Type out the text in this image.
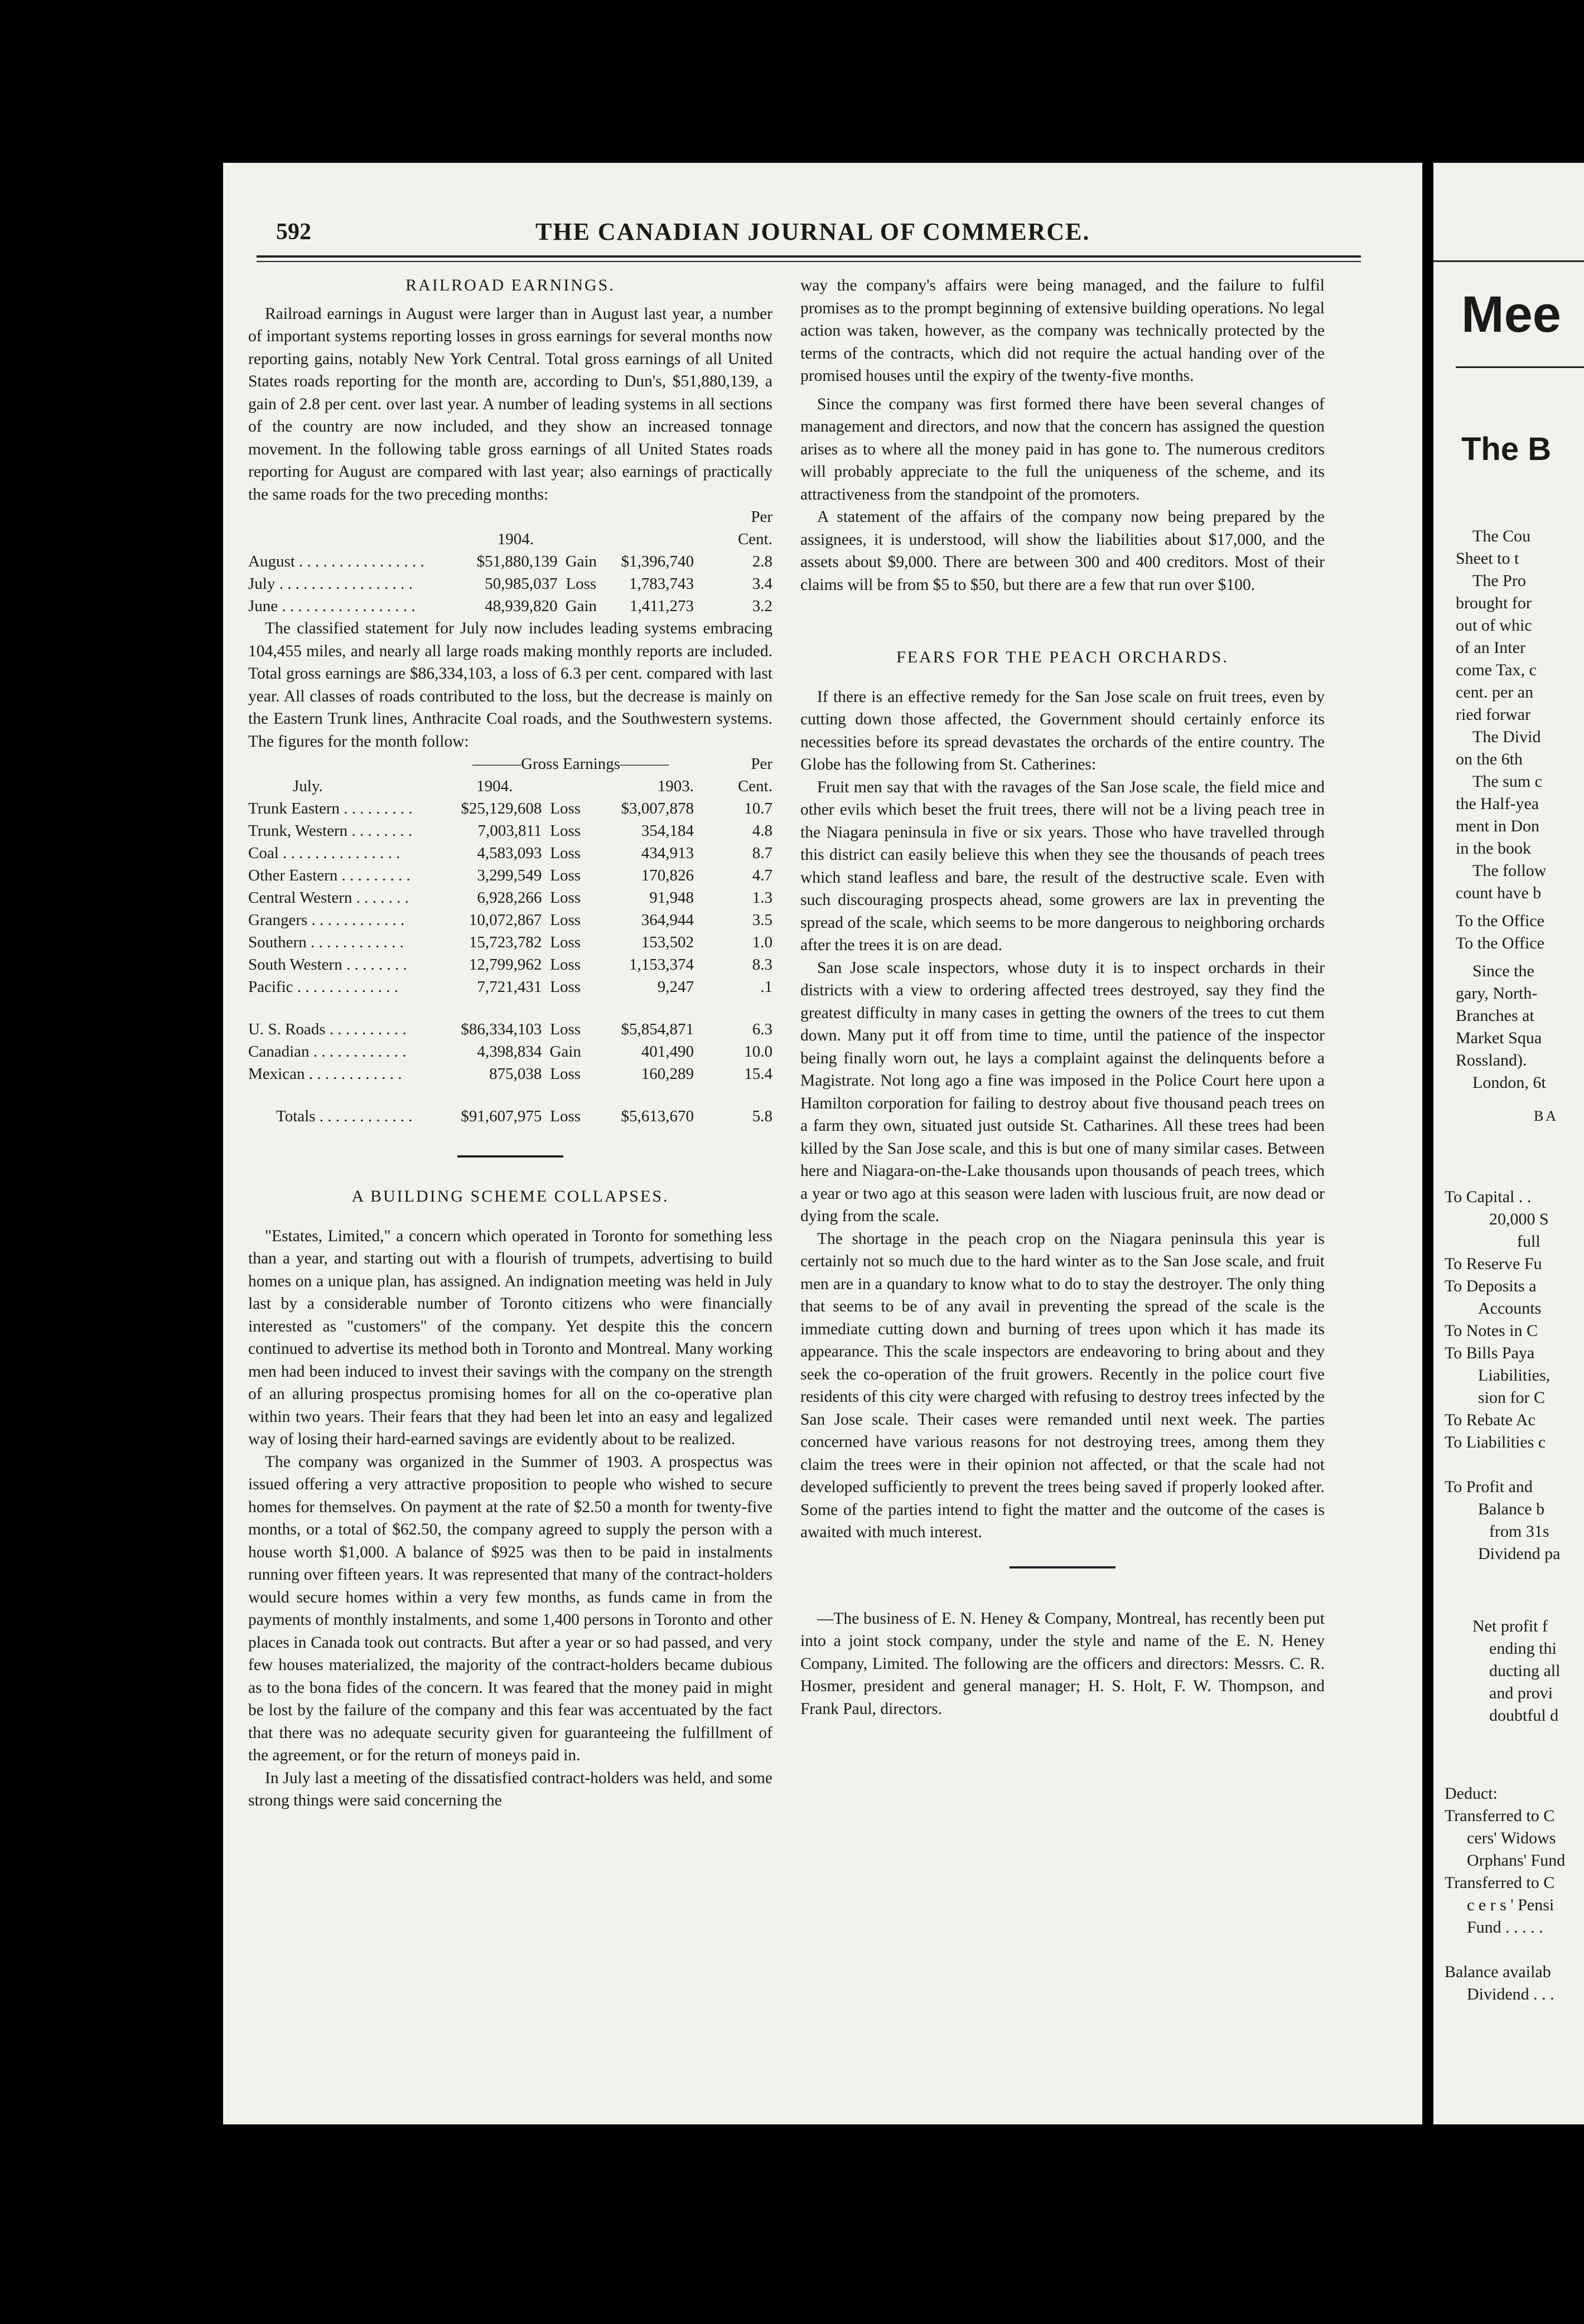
592	THE CANADIAN JOURNAL OF COMMERCE.
RAILROAD EARNINGS.

Railroad earnings in August were larger than in August last year, a number of important systems reporting losses in gross earnings for several months now reporting gains, notably New York Central. Total gross earnings of all United States roads reporting for the month are, according to Dun's, $51,880,139, a gain of 2.8 per cent. over last year. A number of leading systems in all sections of the country are now included, and they show an increased tonnage movement. In the following table gross earnings of all United States roads reporting for August are compared with last year; also earnings of practically the same roads for the two preceding months:

				Per
	1904.			Cent.
August . . . . . . . . . . . . . . . .	$51,880,139	Gain	$1,396,740	2.8
July . . . . . . . . . . . . . . . . .	50,985,037	Loss	1,783,743	3.4
June . . . . . . . . . . . . . . . . .	48,939,820	Gain	1,411,273	3.2

The classified statement for July now includes leading systems embracing 104,455 miles, and nearly all large roads making monthly reports are included. Total gross earnings are $86,334,103, a loss of 6.3 per cent. compared with last year. All classes of roads contributed to the loss, but the decrease is mainly on the Eastern Trunk lines, Anthracite Coal roads, and the Southwestern systems. The figures for the month follow:

	———Gross Earnings———			Per
July.	1904.		1903.	Cent.
Trunk Eastern . . . . . . . . .	$25,129,608	Loss	$3,007,878	10.7
Trunk, Western . . . . . . . .	7,003,811	Loss	354,184	4.8
Coal . . . . . . . . . . . . . . .	4,583,093	Loss	434,913	8.7
Other Eastern . . . . . . . . .	3,299,549	Loss	170,826	4.7
Central Western . . . . . . .	6,928,266	Loss	91,948	1.3
Grangers . . . . . . . . . . . .	10,072,867	Loss	364,944	3.5
Southern . . . . . . . . . . . .	15,723,782	Loss	153,502	1.0
South Western . . . . . . . .	12,799,962	Loss	1,153,374	8.3
Pacific . . . . . . . . . . . . .	7,721,431	Loss	9,247	.1

U. S. Roads . . . . . . . . . .	$86,334,103	Loss	$5,854,871	6.3
Canadian . . . . . . . . . . . .	4,398,834	Gain	401,490	10.0
Mexican . . . . . . . . . . . .	875,038	Loss	160,289	15.4

Totals . . . . . . . . . . . .	$91,607,975	Loss	$5,613,670	5.8
A BUILDING SCHEME COLLAPSES.

"Estates, Limited," a concern which operated in Toronto for something less than a year, and starting out with a flourish of trumpets, advertising to build homes on a unique plan, has assigned. An indignation meeting was held in July last by a considerable number of Toronto citizens who were financially interested as "customers" of the company. Yet despite this the concern continued to advertise its method both in Toronto and Montreal. Many working men had been induced to invest their savings with the company on the strength of an alluring prospectus promising homes for all on the co-operative plan within two years. Their fears that they had been let into an easy and legalized way of losing their hard-earned savings are evidently about to be realized.

The company was organized in the Summer of 1903. A prospectus was issued offering a very attractive proposition to people who wished to secure homes for themselves. On payment at the rate of $2.50 a month for twenty-five months, or a total of $62.50, the company agreed to supply the person with a house worth $1,000. A balance of $925 was then to be paid in instalments running over fifteen years. It was represented that many of the contract-holders would secure homes within a very few months, as funds came in from the payments of monthly instalments, and some 1,400 persons in Toronto and other places in Canada took out contracts. But after a year or so had passed, and very few houses materialized, the majority of the contract-holders became dubious as to the bona fides of the concern. It was feared that the money paid in might be lost by the failure of the company and this fear was accentuated by the fact that there was no adequate security given for guaranteeing the fulfillment of the agreement, or for the return of moneys paid in.

In July last a meeting of the dissatisfied contract-holders was held, and some strong things were said concerning the

way the company's affairs were being managed, and the failure to fulfil promises as to the prompt beginning of extensive building operations. No legal action was taken, however, as the company was technically protected by the terms of the contracts, which did not require the actual handing over of the promised houses until the expiry of the twenty-five months.

Since the company was first formed there have been several changes of management and directors, and now that the concern has assigned the question arises as to where all the money paid in has gone to. The numerous creditors will probably appreciate to the full the uniqueness of the scheme, and its attractiveness from the standpoint of the promoters.

A statement of the affairs of the company now being prepared by the assignees, it is understood, will show the liabilities about $17,000, and the assets about $9,000. There are between 300 and 400 creditors. Most of their claims will be from $5 to $50, but there are a few that run over $100.

FEARS FOR THE PEACH ORCHARDS.

If there is an effective remedy for the San Jose scale on fruit trees, even by cutting down those affected, the Government should certainly enforce its necessities before its spread devastates the orchards of the entire country. The Globe has the following from St. Catherines:

Fruit men say that with the ravages of the San Jose scale, the field mice and other evils which beset the fruit trees, there will not be a living peach tree in the Niagara peninsula in five or six years. Those who have travelled through this district can easily believe this when they see the thousands of peach trees which stand leafless and bare, the result of the destructive scale. Even with such discouraging prospects ahead, some growers are lax in preventing the spread of the scale, which seems to be more dangerous to neighboring orchards after the trees it is on are dead.

San Jose scale inspectors, whose duty it is to inspect orchards in their districts with a view to ordering affected trees destroyed, say they find the greatest difficulty in many cases in getting the owners of the trees to cut them down. Many put it off from time to time, until the patience of the inspector being finally worn out, he lays a complaint against the delinquents before a Magistrate. Not long ago a fine was imposed in the Police Court here upon a Hamilton corporation for failing to destroy about five thousand peach trees on a farm they own, situated just outside St. Catharines. All these trees had been killed by the San Jose scale, and this is but one of many similar cases. Between here and Niagara-on-the-Lake thousands upon thousands of peach trees, which a year or two ago at this season were laden with luscious fruit, are now dead or dying from the scale.

The shortage in the peach crop on the Niagara peninsula this year is certainly not so much due to the hard winter as to the San Jose scale, and fruit men are in a quandary to know what to do to stay the destroyer. The only thing that seems to be of any avail in preventing the spread of the scale is the immediate cutting down and burning of trees upon which it has made its appearance. This the scale inspectors are endeavoring to bring about and they seek the co-operation of the fruit growers. Recently in the police court five residents of this city were charged with refusing to destroy trees infected by the San Jose scale. Their cases were remanded until next week. The parties concerned have various reasons for not destroying trees, among them they claim the trees were in their opinion not affected, or that the scale had not developed sufficiently to prevent the trees being saved if properly looked after. Some of the parties intend to fight the matter and the outcome of the cases is awaited with much interest.

—The business of E. N. Heney & Company, Montreal, has recently been put into a joint stock company, under the style and name of the E. N. Heney Company, Limited. The following are the officers and directors: Messrs. C. R. Hosmer, president and general manager; H. S. Holt, F. W. Thompson, and Frank Paul, directors.

Mee
The B
The Cou
Sheet to t
The Pro
brought for
out of whic
of an Inter
come Tax, c
cent. per an
ried forwar
The Divid
on the 6th
The sum c
the Half-yea
ment in Don
in the book
The follow
count have b
To the Office
To the Office
Since the
gary, North-
Branches at
Market Squa
Rossland).
London, 6t
BA
To Capital . .
20,000 S
full
To Reserve Fu
To Deposits a
Accounts
To Notes in C
To Bills Paya
Liabilities,
sion for C
To Rebate Ac
To Liabilities c
To Profit and
Balance b
from 31s
Dividend pa
Net profit f
ending thi
ducting all
and provi
doubtful d
Deduct:
Transferred to C
cers' Widows
Orphans' Fund
Transferred to C
c e r s ' Pensi
Fund . . . . .
Balance availab
Dividend . . .
